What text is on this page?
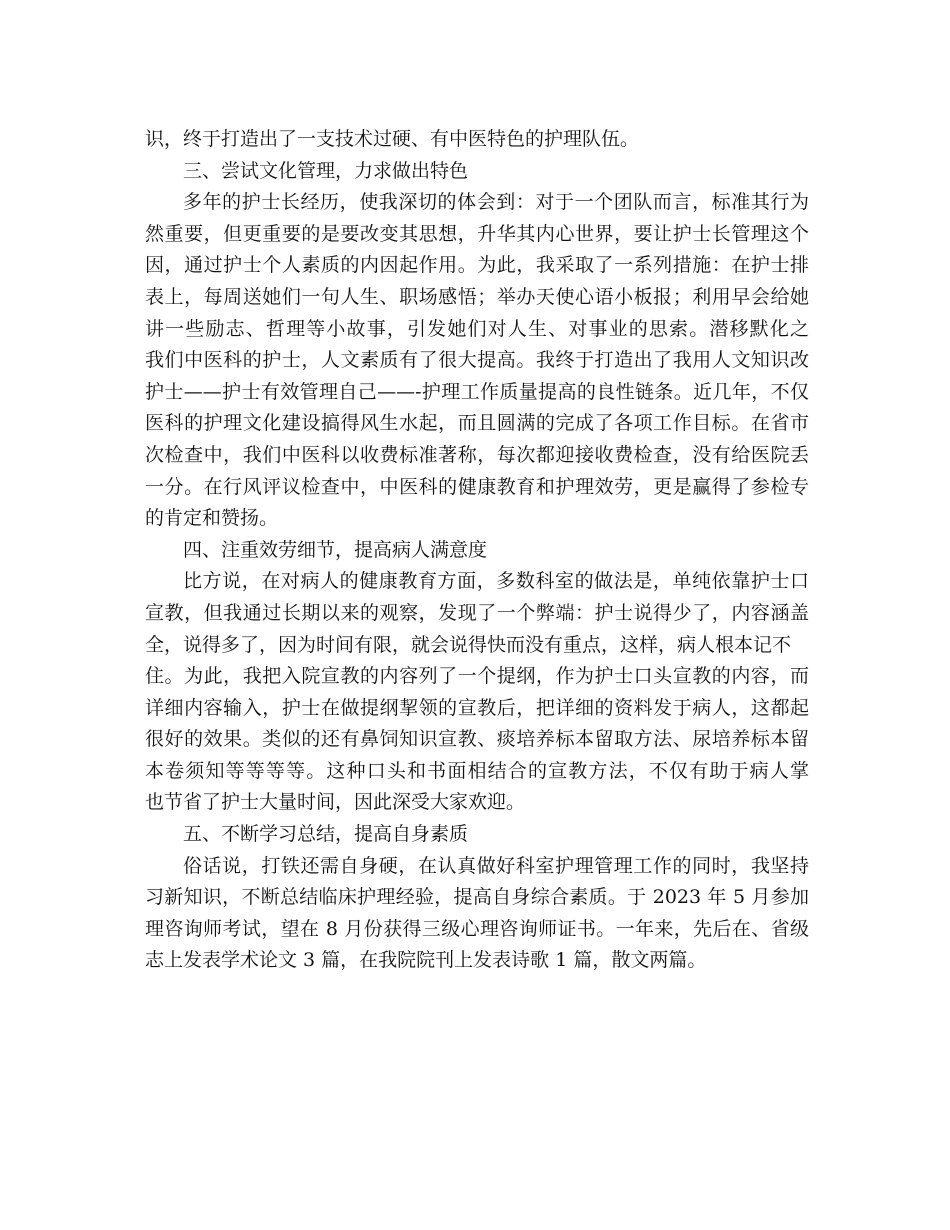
识，终于打造出了一支技术过硬、有中医特色的护理队伍。
三、尝试文化管理，力求做出特色
多年的护士长经历，使我深切的体会到：对于一个团队而言，标准其行为
然重要，但更重要的是要改变其思想，升华其内心世界，要让护士长管理这个
因，通过护士个人素质的内因起作用。为此，我采取了一系列措施：在护士排
表上，每周送她们一句人生、职场感悟；举办天使心语小板报；利用早会给她
讲一些励志、哲理等小故事，引发她们对人生、对事业的思索。潜移默化之
我们中医科的护士，人文素质有了很大提高。我终于打造出了我用人文知识改
护士——护士有效管理自己——-护理工作质量提高的良性链条。近几年，不仅
医科的护理文化建设搞得风生水起，而且圆满的完成了各项工作目标。在省市
次检查中，我们中医科以收费标准著称，每次都迎接收费检查，没有给医院丢
一分。在行风评议检查中，中医科的健康教育和护理效劳，更是赢得了参检专
的肯定和赞扬。
四、注重效劳细节，提高病人满意度
比方说，在对病人的健康教育方面，多数科室的做法是，单纯依靠护士口
宣教，但我通过长期以来的观察，发现了一个弊端：护士说得少了，内容涵盖
全，说得多了，因为时间有限，就会说得快而没有重点，这样，病人根本记不
住。为此，我把入院宣教的内容列了一个提纲，作为护士口头宣教的内容，而
详细内容输入，护士在做提纲挈领的宣教后，把详细的资料发于病人，这都起
很好的效果。类似的还有鼻饲知识宣教、痰培养标本留取方法、尿培养标本留
本卷须知等等等等。这种口头和书面相结合的宣教方法，不仅有助于病人掌
也节省了护士大量时间，因此深受大家欢迎。
五、不断学习总结，提高自身素质
俗话说，打铁还需自身硬，在认真做好科室护理管理工作的同时，我坚持
习新知识，不断总结临床护理经验，提高自身综合素质。于 2023 年 5 月参加
理咨询师考试，望在 8 月份获得三级心理咨询师证书。一年来，先后在、省级
志上发表学术论文 3 篇，在我院院刊上发表诗歌 1 篇，散文两篇。
